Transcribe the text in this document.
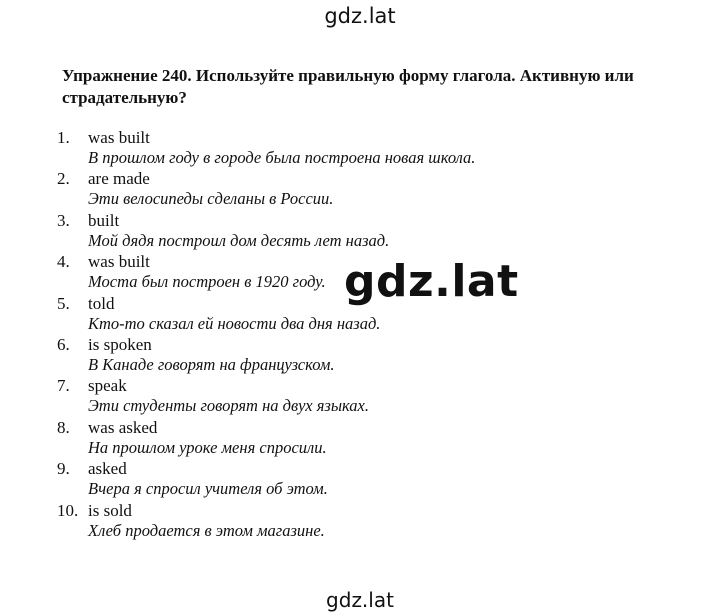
gdz.lat

Упражнение 240. Используйте правильную форму глагола. Активную или страдательную?

1. was built
В прошлом году в городе была построена новая школа.
2. are made
Эти велосипеды сделаны в России.
3. built
Мой дядя построил дом десять лет назад.
4. was built
Моста был построен в 1920 году.
5. told
Кто-то сказал ей новости два дня назад.
6. is spoken
В Канаде говорят на французском.
7. speak
Эти студенты говорят на двух языках.
8. was asked
На прошлом уроке меня спросили.
9. asked
Вчера я спросил учителя об этом.
10. is sold
Хлеб продается в этом магазине.
gdz.lat
gdz.lat
